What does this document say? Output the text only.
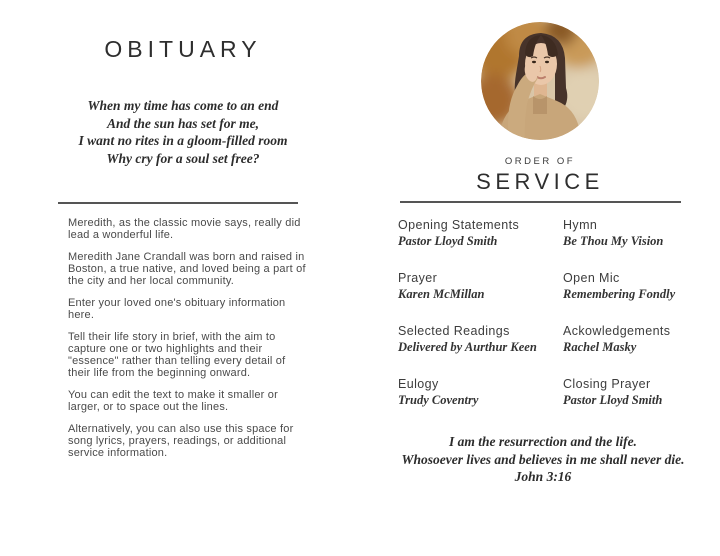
OBITUARY
When my time has come to an end
And the sun has set for me,
I want no rites in a gloom-filled room
Why cry for a soul set free?

Meredith, as the classic movie says, really did lead a wonderful life.

Meredith Jane Crandall was born and raised in Boston, a true native, and loved being a part of the city and her local community.

Enter your loved one's obituary information here.

Tell their life story in brief, with the aim to capture one or two highlights and their "essence" rather than telling every detail of their life from the beginning onward.

You can edit the text to make it smaller or larger, or to space out the lines.

Alternatively, you can also use this space for song lyrics, prayers, readings, or additional service information.

ORDER OF
SERVICE
Opening Statements
Pastor Lloyd Smith
Hymn
Be Thou My Vision
Prayer
Karen McMillan
Open Mic
Remembering Fondly
Selected Readings
Delivered by Aurthur Keen
Ackowledgements
Rachel Masky
Eulogy
Trudy Coventry
Closing Prayer
Pastor Lloyd Smith
I am the resurrection and the life.
Whosoever lives and believes in me shall never die.
John 3:16
